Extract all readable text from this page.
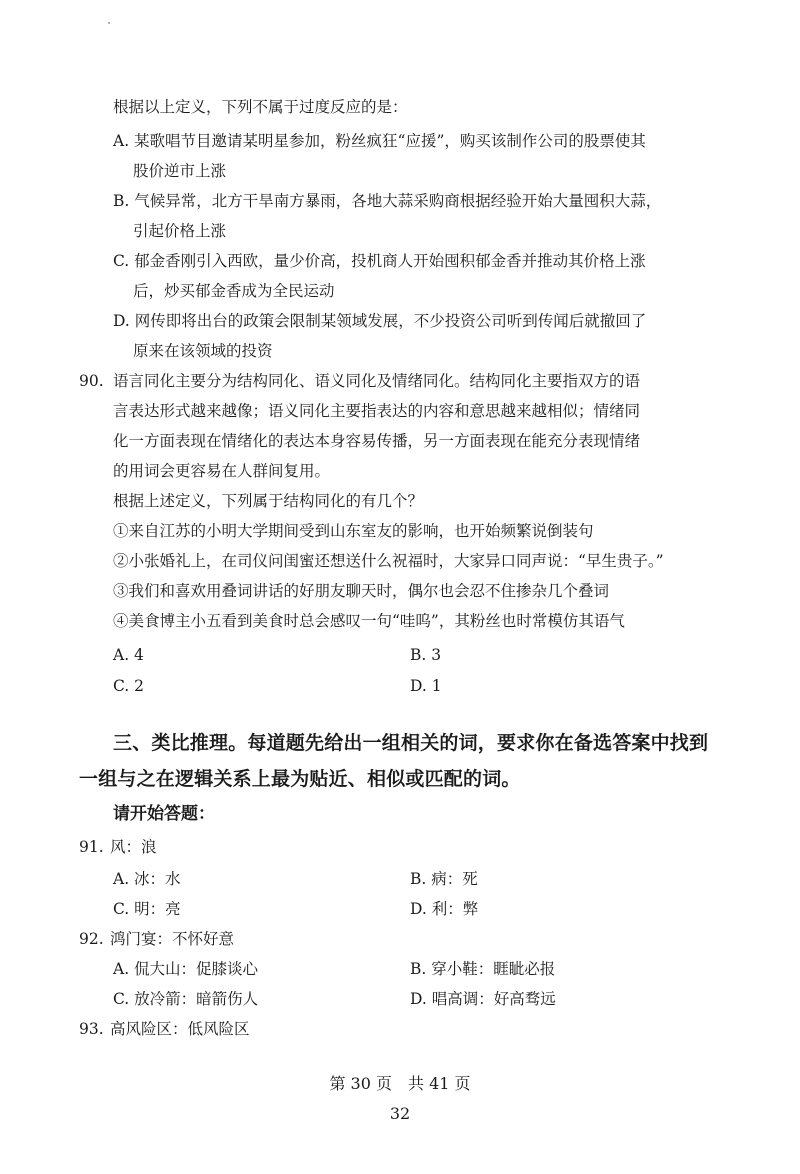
根据以上定义，下列不属于过度反应的是：
A. 某歌唱节目邀请某明星参加，粉丝疯狂“应援”，购买该制作公司的股票使其
股价逆市上涨
B. 气候异常，北方干旱南方暴雨，各地大蒜采购商根据经验开始大量囤积大蒜，
引起价格上涨
C. 郁金香刚引入西欧，量少价高，投机商人开始囤积郁金香并推动其价格上涨
后，炒买郁金香成为全民运动
D. 网传即将出台的政策会限制某领域发展，不少投资公司听到传闻后就撤回了
原来在该领域的投资
90. 语言同化主要分为结构同化、语义同化及情绪同化。结构同化主要指双方的语
言表达形式越来越像；语义同化主要指表达的内容和意思越来越相似；情绪同
化一方面表现在情绪化的表达本身容易传播，另一方面表现在能充分表现情绪
的用词会更容易在人群间复用。
根据上述定义，下列属于结构同化的有几个？
①来自江苏的小明大学期间受到山东室友的影响，也开始频繁说倒装句
②小张婚礼上，在司仪问闺蜜还想送什么祝福时，大家异口同声说：“早生贵子。”
③我们和喜欢用叠词讲话的好朋友聊天时，偶尔也会忍不住掺杂几个叠词
④美食博主小五看到美食时总会感叹一句“哇呜”，其粉丝也时常模仿其语气
A. 4	B. 3
C. 2	D. 1
三、类比推理。每道题先给出一组相关的词，要求你在备选答案中找到
一组与之在逻辑关系上最为贴近、相似或匹配的词。
请开始答题：
91. 风：浪
A. 冰：水	B. 病：死
C. 明：亮	D. 利：弊
92. 鸿门宴：不怀好意
A. 侃大山：促膝谈心	B. 穿小鞋：睚眦必报
C. 放冷箭：暗箭伤人	D. 唱高调：好高骛远
93. 高风险区：低风险区
第 30 页　共 41 页
32
